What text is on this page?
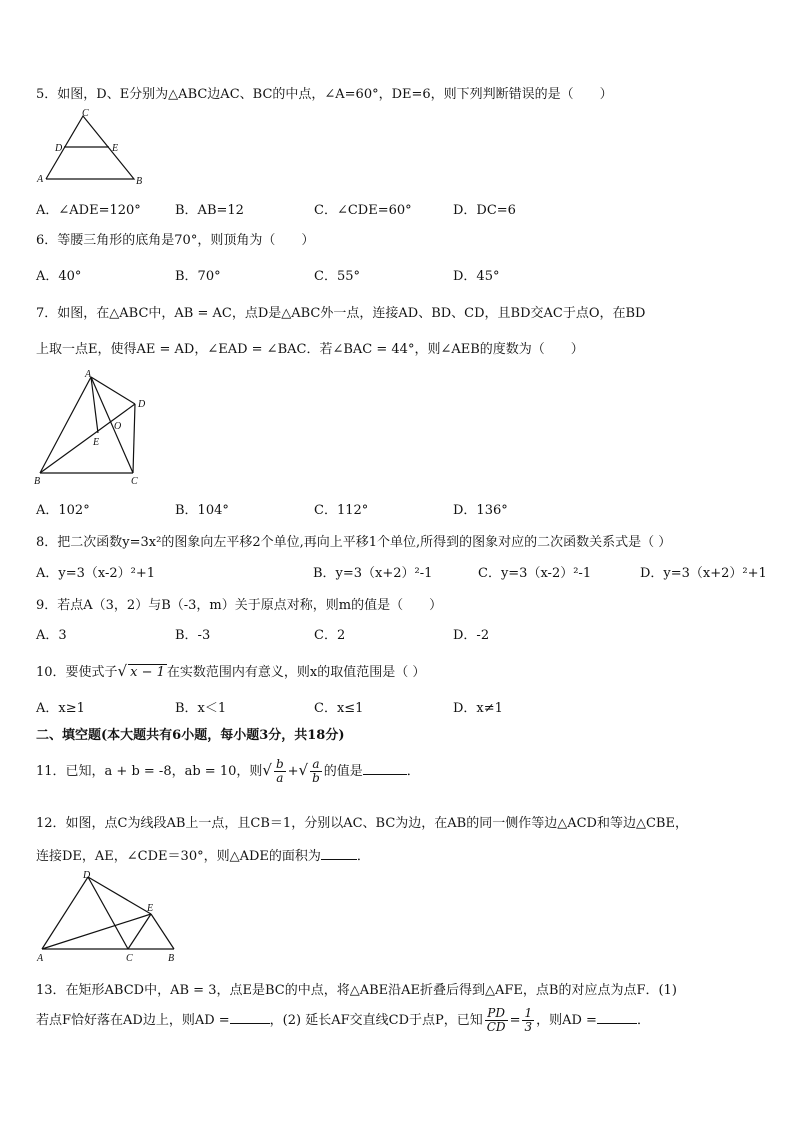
5．如图，D、E分别为△ABC边AC、BC的中点，∠A=60°，DE=6，则下列判断错误的是（　　）
C
D	E
A	B
A．∠ADE=120°	B．AB=12	C．∠CDE=60°	D．DC=6
6．等腰三角形的底角是70°，则顶角为（　　）
A．40°	B．70°	C．55°	D．45°
7．如图，在△ABC中，AB = AC，点D是△ABC外一点，连接AD、BD、CD，且BD交AC于点O，在BD
上取一点E，使得AE = AD，∠EAD = ∠BAC．若∠BAC = 44°，则∠AEB的度数为（　　）
A
D
O
E
B	C
A．102°	B．104°	C．112°	D．136°
8．把二次函数y=3x²的图象向左平移2个单位,再向上平移1个单位,所得到的图象对应的二次函数关系式是（ ）
A．y=3（x-2）²+1	B．y=3（x+2）²-1	C．y=3（x-2）²-1	D．y=3（x+2）²+1
9．若点A（3，2）与B（-3，m）关于原点对称，则m的值是（　　）
A．3	B．-3	C．2	D．-2
10．要使式子√ x − 1 在实数范围内有意义，则x的取值范围是（ ）
A．x≥1	B．x＜1	C．x≤1	D．x≠1
二、填空题(本大题共有6小题，每小题3分，共18分)
11．已知，a + b = -8，ab = 10，则√ $\frac{b}{a}$ +√ $\frac{a}{b}$ 的值是	．
12．如图，点C为线段AB上一点，且CB＝1，分别以AC、BC为边，在AB的同一侧作等边△ACD和等边△CBE，
连接DE，AE，∠CDE＝30°，则△ADE的面积为	．
D
E
A	C	B
13．在矩形ABCD中，AB = 3，点E是BC的中点，将△ABE沿AE折叠后得到△AFE，点B的对应点为点F．(1)
若点F恰好落在AD边上，则AD =	，(2) 延长AF交直线CD于点P，已知 $\frac{PD}{CD} = \frac{1}{3}$ ，则AD =	．
